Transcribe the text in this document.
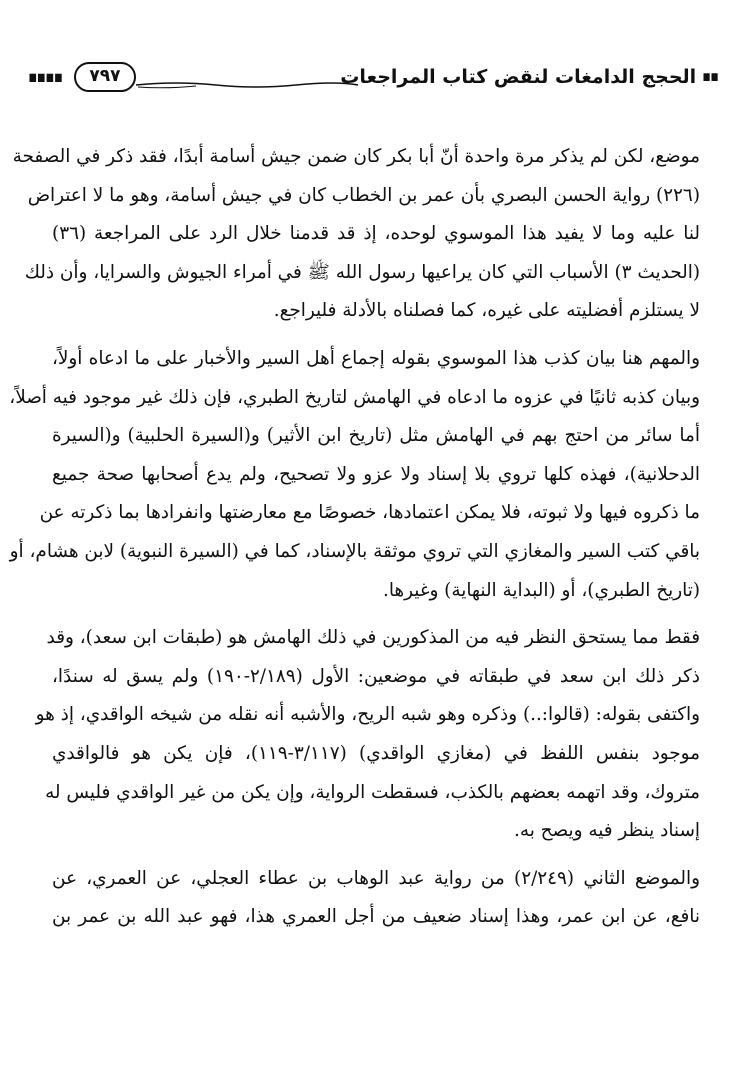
∎∎
الحجج الدامغات لنقض كتاب المراجعات
٧٩٧
∎∎∎∎
موضع، لكن لم يذكر مرة واحدة أنّ أبا بكر كان ضمن جيش أسامة أبدًا، فقد ذكر في الصفحة
(٢٢٦) رواية الحسن البصري بأن عمر بن الخطاب كان في جيش أسامة، وهو ما لا اعتراض
لنا عليه وما لا يفيد هذا الموسوي لوحده، إذ قد قدمنا خلال الرد على المراجعة (٣٦)
(الحديث ٣) الأسباب التي كان يراعيها رسول الله ﷺ في أمراء الجيوش والسرايا، وأن ذلك
لا يستلزم أفضليته على غيره، كما فصلناه بالأدلة فليراجع.
والمهم هنا بيان كذب هذا الموسوي بقوله إجماع أهل السير والأخبار على ما ادعاه أولاً،
وبيان كذبه ثانيًا في عزوه ما ادعاه في الهامش لتاريخ الطبري، فإن ذلك غير موجود فيه أصلاً،
أما سائر من احتج بهم في الهامش مثل (تاريخ ابن الأثير) و(السيرة الحلبية) و(السيرة
الدحلانية)، فهذه كلها تروي بلا إسناد ولا عزو ولا تصحيح، ولم يدع أصحابها صحة جميع
ما ذكروه فيها ولا ثبوته، فلا يمكن اعتمادها، خصوصًا مع معارضتها وانفرادها بما ذكرته عن
باقي كتب السير والمغازي التي تروي موثقة بالإسناد، كما في (السيرة النبوية) لابن هشام، أو
(تاريخ الطبري)، أو (البداية النهاية) وغيرها.
فقط مما يستحق النظر فيه من المذكورين في ذلك الهامش هو (طبقات ابن سعد)، وقد
ذكر ذلك ابن سعد في طبقاته في موضعين: الأول (٢/١٨٩-١٩٠) ولم يسق له سندًا،
واكتفى بقوله: (قالوا:..) وذكره وهو شبه الريح، والأشبه أنه نقله من شيخه الواقدي، إذ هو
موجود بنفس اللفظ في (مغازي الواقدي) (٣/١١٧-١١٩)، فإن يكن هو فالواقدي
متروك، وقد اتهمه بعضهم بالكذب، فسقطت الرواية، وإن يكن من غير الواقدي فليس له
إسناد ينظر فيه ويصح به.
والموضع الثاني (٢/٢٤٩) من رواية عبد الوهاب بن عطاء العجلي، عن العمري، عن
نافع، عن ابن عمر، وهذا إسناد ضعيف من أجل العمري هذا، فهو عبد الله بن عمر بن
